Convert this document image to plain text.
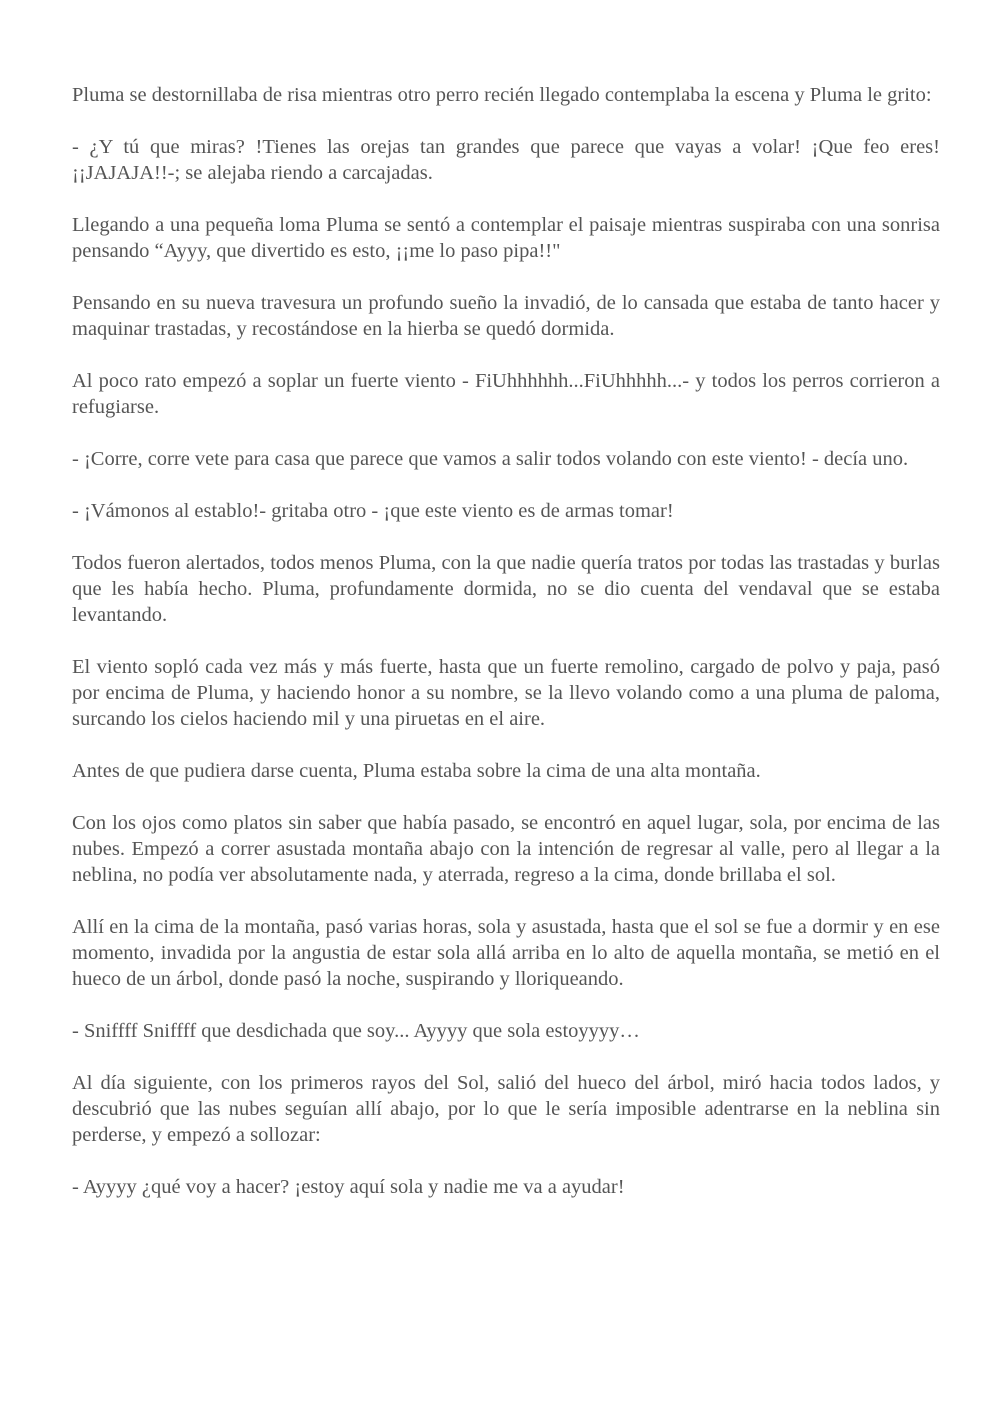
Pluma se destornillaba de risa mientras otro perro recién llegado contemplaba la escena y Pluma le grito:

- ¿Y tú que miras? !Tienes las orejas tan grandes que parece que vayas a volar! ¡Que feo eres! ¡¡JAJAJA!!-; se alejaba riendo a carcajadas.

Llegando a una pequeña loma Pluma se sentó a contemplar el paisaje mientras suspiraba con una sonrisa pensando “Ayyy, que divertido es esto, ¡¡me lo paso pipa!!"

Pensando en su nueva travesura un profundo sueño la invadió, de lo cansada que estaba de tanto hacer y maquinar trastadas, y recostándose en la hierba se quedó dormida.

Al poco rato empezó a soplar un fuerte viento - FiUhhhhhh...FiUhhhhh...- y todos los perros corrieron a refugiarse.

- ¡Corre, corre vete para casa que parece que vamos a salir todos volando con este viento! - decía uno.

- ¡Vámonos al establo!- gritaba otro - ¡que este viento es de armas tomar!

Todos fueron alertados, todos menos Pluma, con la que nadie quería tratos por todas las trastadas y burlas que les había hecho. Pluma, profundamente dormida, no se dio cuenta del vendaval que se estaba levantando.

El viento sopló cada vez más y más fuerte, hasta que un fuerte remolino, cargado de polvo y paja, pasó por encima de Pluma, y haciendo honor a su nombre, se la llevo volando como a una pluma de paloma, surcando los cielos haciendo mil y una piruetas en el aire.

Antes de que pudiera darse cuenta, Pluma estaba sobre la cima de una alta montaña.

Con los ojos como platos sin saber que había pasado, se encontró en aquel lugar, sola, por encima de las nubes. Empezó a correr asustada montaña abajo con la intención de regresar al valle, pero al llegar a la neblina, no podía ver absolutamente nada, y aterrada, regreso a la cima, donde brillaba el sol.

Allí en la cima de la montaña, pasó varias horas, sola y asustada, hasta que el sol se fue a dormir y en ese momento, invadida por la angustia de estar sola allá arriba en lo alto de aquella montaña, se metió en el hueco de un árbol, donde pasó la noche, suspirando y lloriqueando.

- Sniffff Sniffff que desdichada que soy... Ayyyy que sola estoyyyy…

Al día siguiente, con los primeros rayos del Sol, salió del hueco del árbol, miró hacia todos lados, y descubrió que las nubes seguían allí abajo, por lo que le sería imposible adentrarse en la neblina sin perderse, y empezó a sollozar:

- Ayyyy ¿qué voy a hacer? ¡estoy aquí sola y nadie me va a ayudar!
